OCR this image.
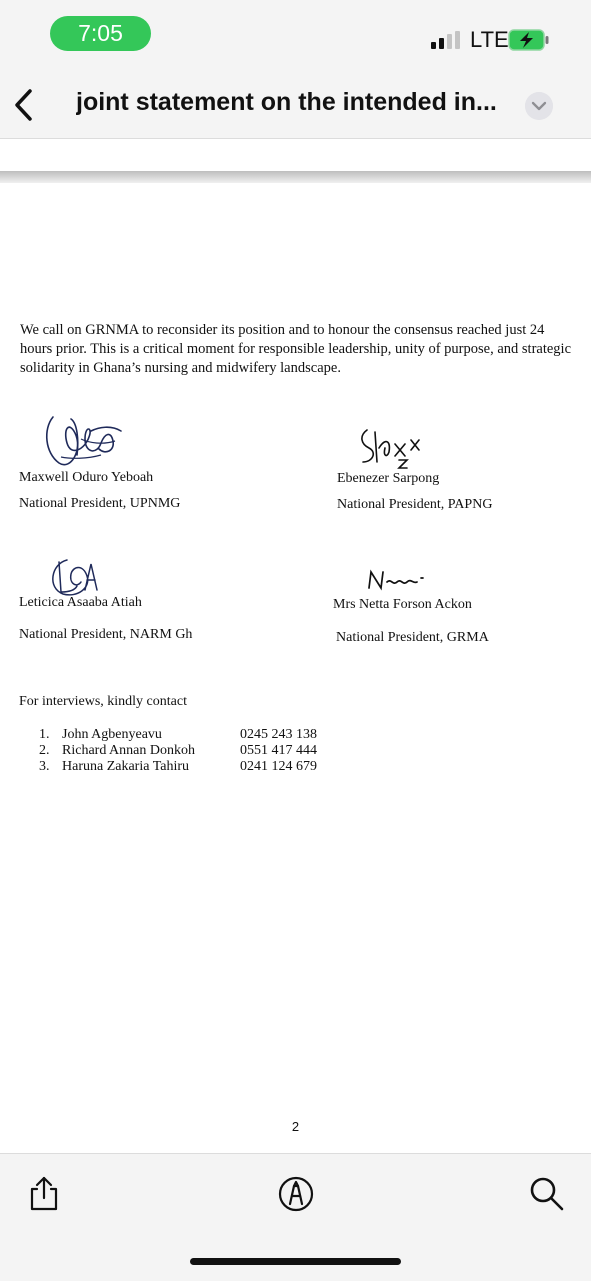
7:05	LTE
joint statement on the intended in...
We call on GRNMA to reconsider its position and to honour the consensus reached just 24 hours prior. This is a critical moment for responsible leadership, unity of purpose, and strategic solidarity in Ghana’s nursing and midwifery landscape.
Maxwell Oduro Yeboah
National President, UPNMG
Ebenezer Sarpong
National President, PAPNG
Leticica Asaaba Atiah
National President, NARM Gh
Mrs Netta Forson Ackon
National President, GRMA
For interviews, kindly contact
1. John Agbenyeavu	0245 243 138
2. Richard Annan Donkoh	0551 417 444
3. Haruna Zakaria Tahiru	0241 124 679
2
